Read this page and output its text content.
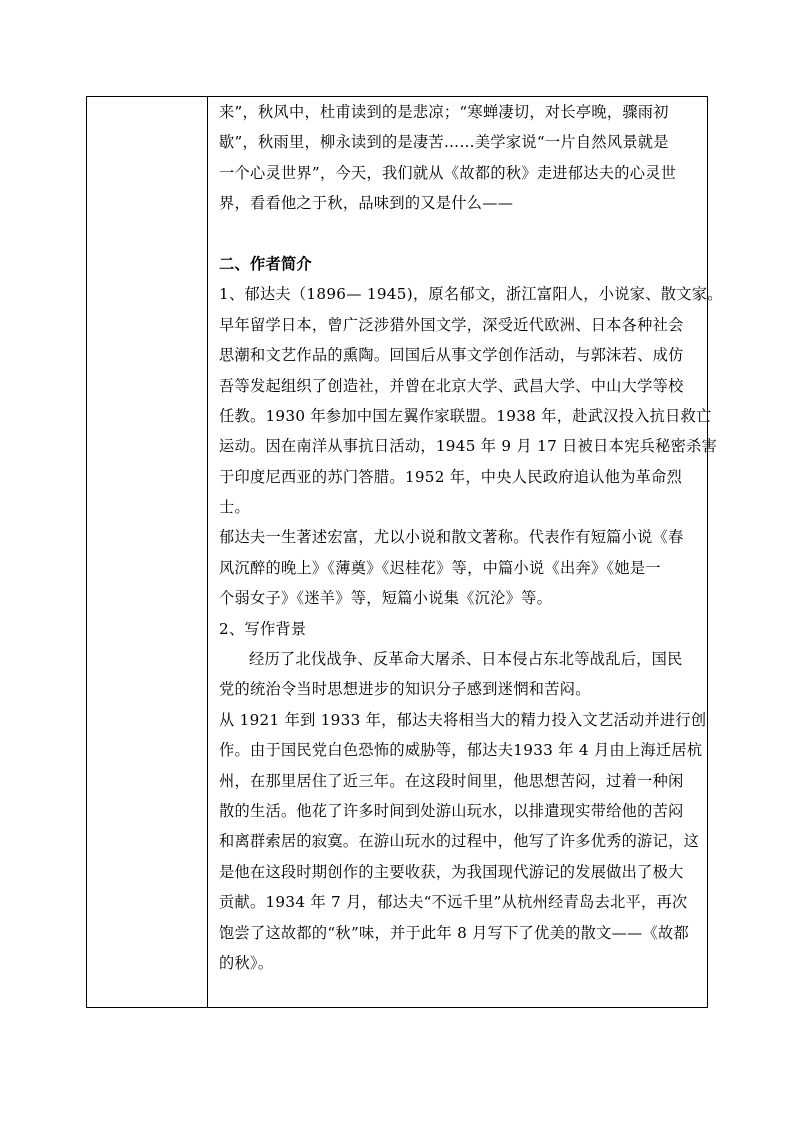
来”，秋风中，杜甫读到的是悲凉；“寒蝉凄切，对长亭晚，骤雨初
歇”，秋雨里，柳永读到的是凄苦……美学家说“一片自然风景就是
一个心灵世界”，今天，我们就从《故都的秋》走进郁达夫的心灵世
界，看看他之于秋，品味到的又是什么——
二、作者简介
1、郁达夫（1896— 1945)，原名郁文，浙江富阳人，小说家、散文家。
早年留学日本，曾广泛涉猎外国文学，深受近代欧洲、日本各种社会
思潮和文艺作品的熏陶。回国后从事文学创作活动，与郭沫若、成仿
吾等发起组织了创造社，并曾在北京大学、武昌大学、中山大学等校
任教。1930 年参加中国左翼作家联盟。1938 年，赴武汉投入抗日救亡
运动。因在南洋从事抗日活动，1945 年 9 月 17 日被日本宪兵秘密杀害
于印度尼西亚的苏门答腊。1952 年，中央人民政府追认他为革命烈
士。
郁达夫一生著述宏富，尤以小说和散文著称。代表作有短篇小说《春
风沉醉的晚上》《薄奠》《迟桂花》等，中篇小说《出奔》《她是一
个弱女子》《迷羊》等，短篇小说集《沉沦》等。
2、写作背景
经历了北伐战争、反革命大屠杀、日本侵占东北等战乱后，国民
党的统治令当时思想进步的知识分子感到迷惘和苦闷。
从 1921 年到 1933 年，郁达夫将相当大的精力投入文艺活动并进行创
作。由于国民党白色恐怖的威胁等，郁达夫1933 年 4 月由上海迁居杭
州，在那里居住了近三年。在这段时间里，他思想苦闷，过着一种闲
散的生活。他花了许多时间到处游山玩水，以排遣现实带给他的苦闷
和离群索居的寂寞。在游山玩水的过程中，他写了许多优秀的游记，这
是他在这段时期创作的主要收获，为我国现代游记的发展做出了极大
贡献。1934 年 7 月，郁达夫“不远千里”从杭州经青岛去北平，再次
饱尝了这故都的“秋”味，并于此年 8 月写下了优美的散文——《故都
的秋》。
